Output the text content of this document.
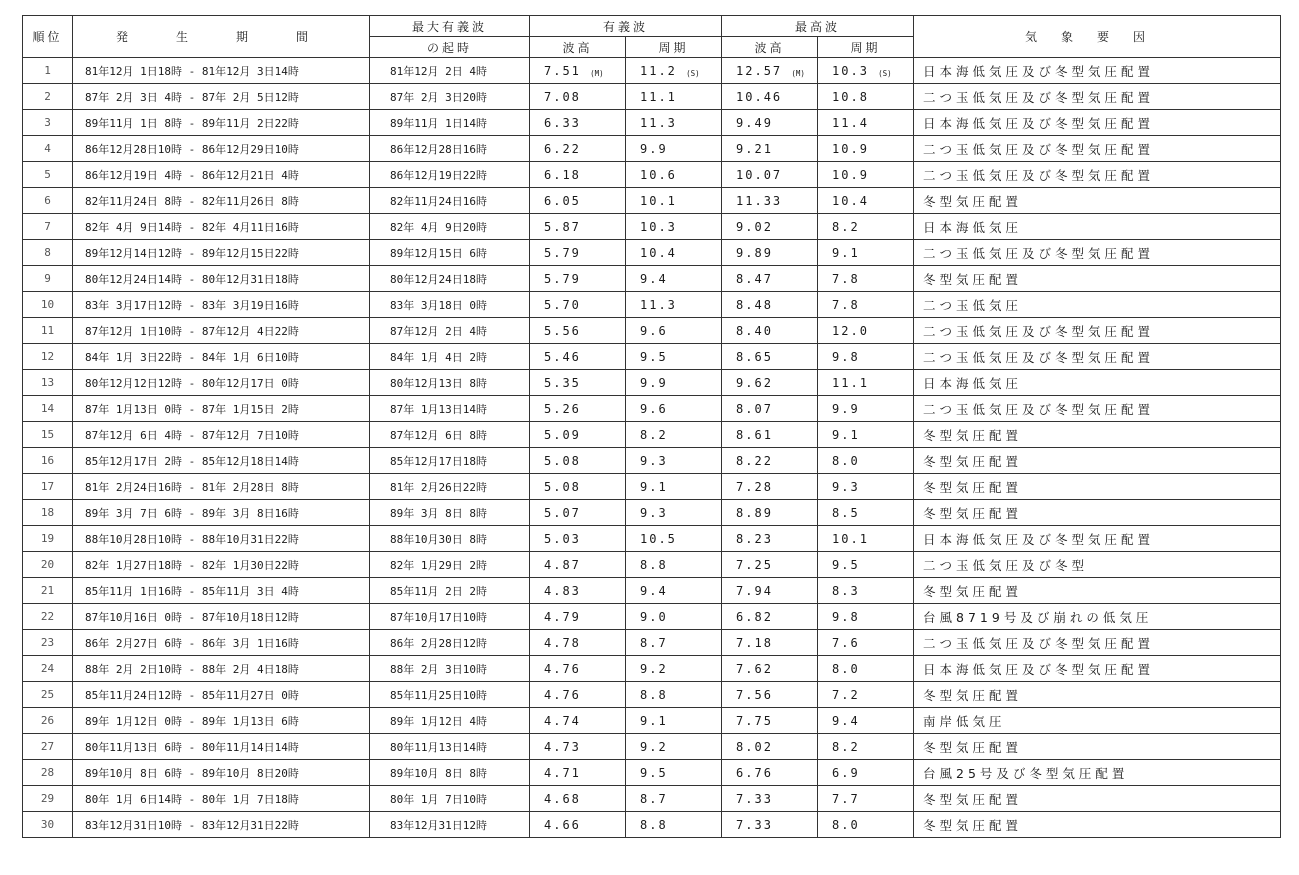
順位	発　生　期　間	最大有義波	有義波		最高波		気象要因
		の起時	波高	周期	波高	周期	
1	81年12月 1日18時 - 81年12月 3日14時	81年12月 2日 4時	7.51 (M)	11.2 (S)	12.57 (M)	10.3 (S)	日本海低気圧及び冬型気圧配置
2	87年 2月 3日 4時 - 87年 2月 5日12時	87年 2月 3日20時	7.08	11.1	10.46	10.8	二つ玉低気圧及び冬型気圧配置
3	89年11月 1日 8時 - 89年11月 2日22時	89年11月 1日14時	6.33	11.3	9.49	11.4	日本海低気圧及び冬型気圧配置
4	86年12月28日10時 - 86年12月29日10時	86年12月28日16時	6.22	9.9	9.21	10.9	二つ玉低気圧及び冬型気圧配置
5	86年12月19日 4時 - 86年12月21日 4時	86年12月19日22時	6.18	10.6	10.07	10.9	二つ玉低気圧及び冬型気圧配置
6	82年11月24日 8時 - 82年11月26日 8時	82年11月24日16時	6.05	10.1	11.33	10.4	冬型気圧配置
7	82年 4月 9日14時 - 82年 4月11日16時	82年 4月 9日20時	5.87	10.3	9.02	8.2	日本海低気圧
8	89年12月14日12時 - 89年12月15日22時	89年12月15日 6時	5.79	10.4	9.89	9.1	二つ玉低気圧及び冬型気圧配置
9	80年12月24日14時 - 80年12月31日18時	80年12月24日18時	5.79	9.4	8.47	7.8	冬型気圧配置
10	83年 3月17日12時 - 83年 3月19日16時	83年 3月18日 0時	5.70	11.3	8.48	7.8	二つ玉低気圧
11	87年12月 1日10時 - 87年12月 4日22時	87年12月 2日 4時	5.56	9.6	8.40	12.0	二つ玉低気圧及び冬型気圧配置
12	84年 1月 3日22時 - 84年 1月 6日10時	84年 1月 4日 2時	5.46	9.5	8.65	9.8	二つ玉低気圧及び冬型気圧配置
13	80年12月12日12時 - 80年12月17日 0時	80年12月13日 8時	5.35	9.9	9.62	11.1	日本海低気圧
14	87年 1月13日 0時 - 87年 1月15日 2時	87年 1月13日14時	5.26	9.6	8.07	9.9	二つ玉低気圧及び冬型気圧配置
15	87年12月 6日 4時 - 87年12月 7日10時	87年12月 6日 8時	5.09	8.2	8.61	9.1	冬型気圧配置
16	85年12月17日 2時 - 85年12月18日14時	85年12月17日18時	5.08	9.3	8.22	8.0	冬型気圧配置
17	81年 2月24日16時 - 81年 2月28日 8時	81年 2月26日22時	5.08	9.1	7.28	9.3	冬型気圧配置
18	89年 3月 7日 6時 - 89年 3月 8日16時	89年 3月 8日 8時	5.07	9.3	8.89	8.5	冬型気圧配置
19	88年10月28日10時 - 88年10月31日22時	88年10月30日 8時	5.03	10.5	8.23	10.1	日本海低気圧及び冬型気圧配置
20	82年 1月27日18時 - 82年 1月30日22時	82年 1月29日 2時	4.87	8.8	7.25	9.5	二つ玉低気圧及び冬型
21	85年11月 1日16時 - 85年11月 3日 4時	85年11月 2日 2時	4.83	9.4	7.94	8.3	冬型気圧配置
22	87年10月16日 0時 - 87年10月18日12時	87年10月17日10時	4.79	9.0	6.82	9.8	台風8719号及び崩れの低気圧
23	86年 2月27日 6時 - 86年 3月 1日16時	86年 2月28日12時	4.78	8.7	7.18	7.6	二つ玉低気圧及び冬型気圧配置
24	88年 2月 2日10時 - 88年 2月 4日18時	88年 2月 3日10時	4.76	9.2	7.62	8.0	日本海低気圧及び冬型気圧配置
25	85年11月24日12時 - 85年11月27日 0時	85年11月25日10時	4.76	8.8	7.56	7.2	冬型気圧配置
26	89年 1月12日 0時 - 89年 1月13日 6時	89年 1月12日 4時	4.74	9.1	7.75	9.4	南岸低気圧
27	80年11月13日 6時 - 80年11月14日14時	80年11月13日14時	4.73	9.2	8.02	8.2	冬型気圧配置
28	89年10月 8日 6時 - 89年10月 8日20時	89年10月 8日 8時	4.71	9.5	6.76	6.9	台風25号及び冬型気圧配置
29	80年 1月 6日14時 - 80年 1月 7日18時	80年 1月 7日10時	4.68	8.7	7.33	7.7	冬型気圧配置
30	83年12月31日10時 - 83年12月31日22時	83年12月31日12時	4.66	8.8	7.33	8.0	冬型気圧配置
